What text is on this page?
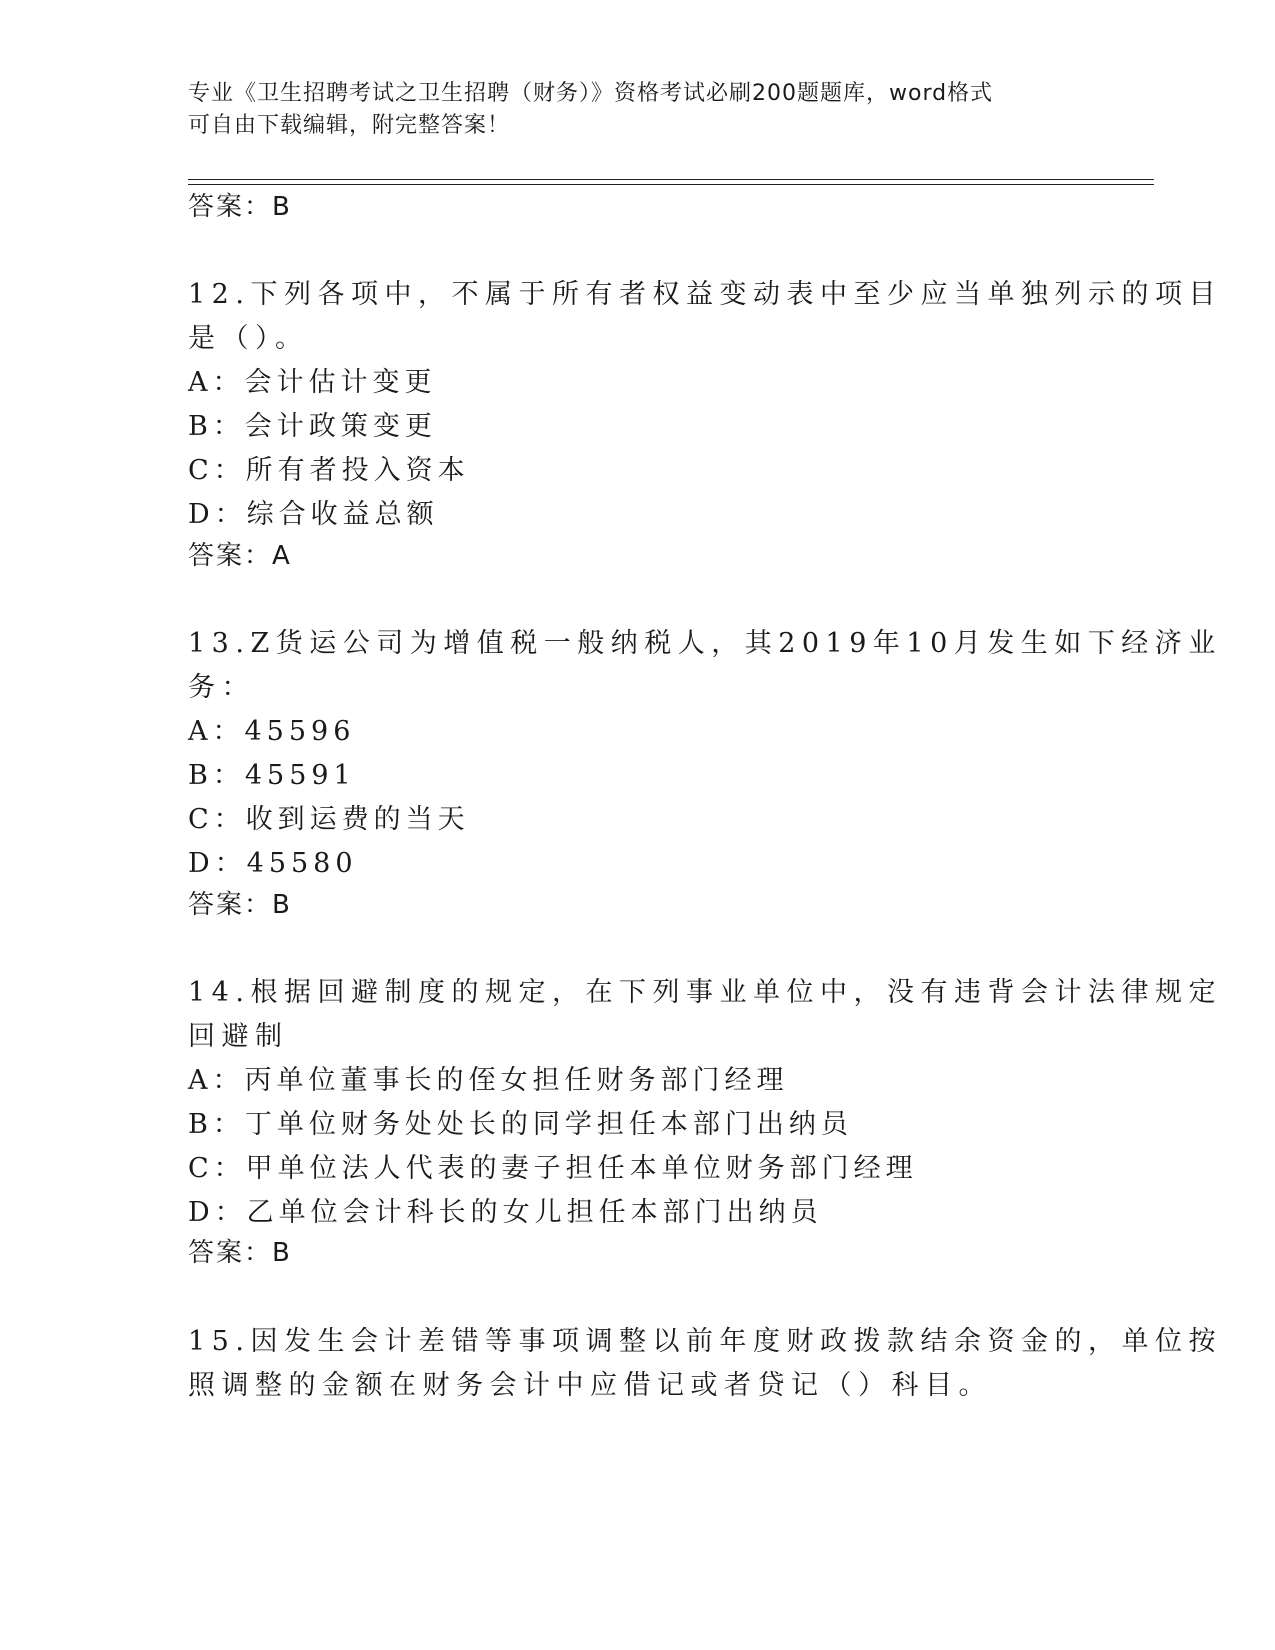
专业《卫生招聘考试之卫生招聘（财务）》资格考试必刷200题题库，word格式
可自由下载编辑，附完整答案！
答案：B
12.下列各项中，不属于所有者权益变动表中至少应当单独列示的项目
是（）。
A：会计估计变更
B：会计政策变更
C：所有者投入资本
D：综合收益总额
答案：A
13.Z货运公司为增值税一般纳税人，其2019年10月发生如下经济业
务：
A：45596
B：45591
C：收到运费的当天
D：45580
答案：B
14.根据回避制度的规定，在下列事业单位中，没有违背会计法律规定
回避制
A：丙单位董事长的侄女担任财务部门经理
B：丁单位财务处处长的同学担任本部门出纳员
C：甲单位法人代表的妻子担任本单位财务部门经理
D：乙单位会计科长的女儿担任本部门出纳员
答案：B
15.因发生会计差错等事项调整以前年度财政拨款结余资金的，单位按
照调整的金额在财务会计中应借记或者贷记（）科目。
